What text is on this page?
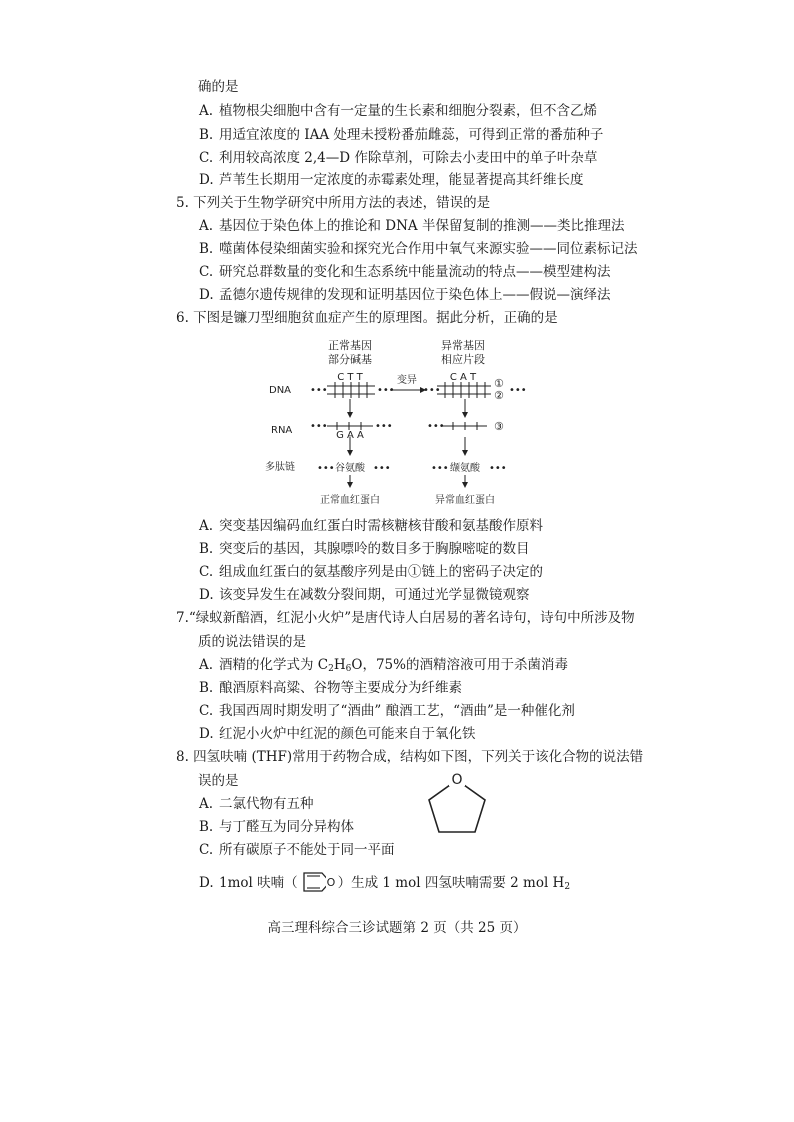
确的是
A. 植物根尖细胞中含有一定量的生长素和细胞分裂素，但不含乙烯
B. 用适宜浓度的 IAA 处理未授粉番茄雌蕊，可得到正常的番茄种子
C. 利用较高浓度 2,4—D 作除草剂，可除去小麦田中的单子叶杂草
D. 芦苇生长期用一定浓度的赤霉素处理，能显著提高其纤维长度
5. 下列关于生物学研究中所用方法的表述，错误的是
A. 基因位于染色体上的推论和 DNA 半保留复制的推测——类比推理法
B. 噬菌体侵染细菌实验和探究光合作用中氧气来源实验——同位素标记法
C. 研究总群数量的变化和生态系统中能量流动的特点——模型建构法
D. 孟德尔遗传规律的发现和证明基因位于染色体上——假说—演绎法
6. 下图是镰刀型细胞贫血症产生的原理图。据此分析，正确的是
正常基因
部分碱基
异常基因
相应片段
DNA
RNA
多肽链
C T T	C A T
G A A
变异
谷氨酸	缬氨酸
正常血红蛋白	异常血红蛋白
①
②
③
•••	•••	•••	•••
•••	•••	•••
•••	•••	•••	•••
A. 突变基因编码血红蛋白时需核糖核苷酸和氨基酸作原料
B. 突变后的基因，其腺嘌呤的数目多于胸腺嘧啶的数目
C. 组成血红蛋白的氨基酸序列是由①链上的密码子决定的
D. 该变异发生在减数分裂间期，可通过光学显微镜观察
7.“绿蚁新醅酒，红泥小火炉”是唐代诗人白居易的著名诗句，诗句中所涉及物
质的说法错误的是
A. 酒精的化学式为 $C_2H_6O$，75%的酒精溶液可用于杀菌消毒
B. 酿酒原料高粱、谷物等主要成分为纤维素
C. 我国西周时期发明了“酒曲” 酿酒工艺，“酒曲”是一种催化剂
D. 红泥小火炉中红泥的颜色可能来自于氧化铁
8. 四氢呋喃 (THF)常用于药物合成，结构如下图，下列关于该化合物的说法错
误的是
A. 二氯代物有五种
B. 与丁醛互为同分异构体
C. 所有碳原子不能处于同一平面
O
D. 1mol 呋喃（	O ）生成 1 mol 四氢呋喃需要 2 mol $H_2$
高三理科综合三诊试题第 2 页（共 25 页）
